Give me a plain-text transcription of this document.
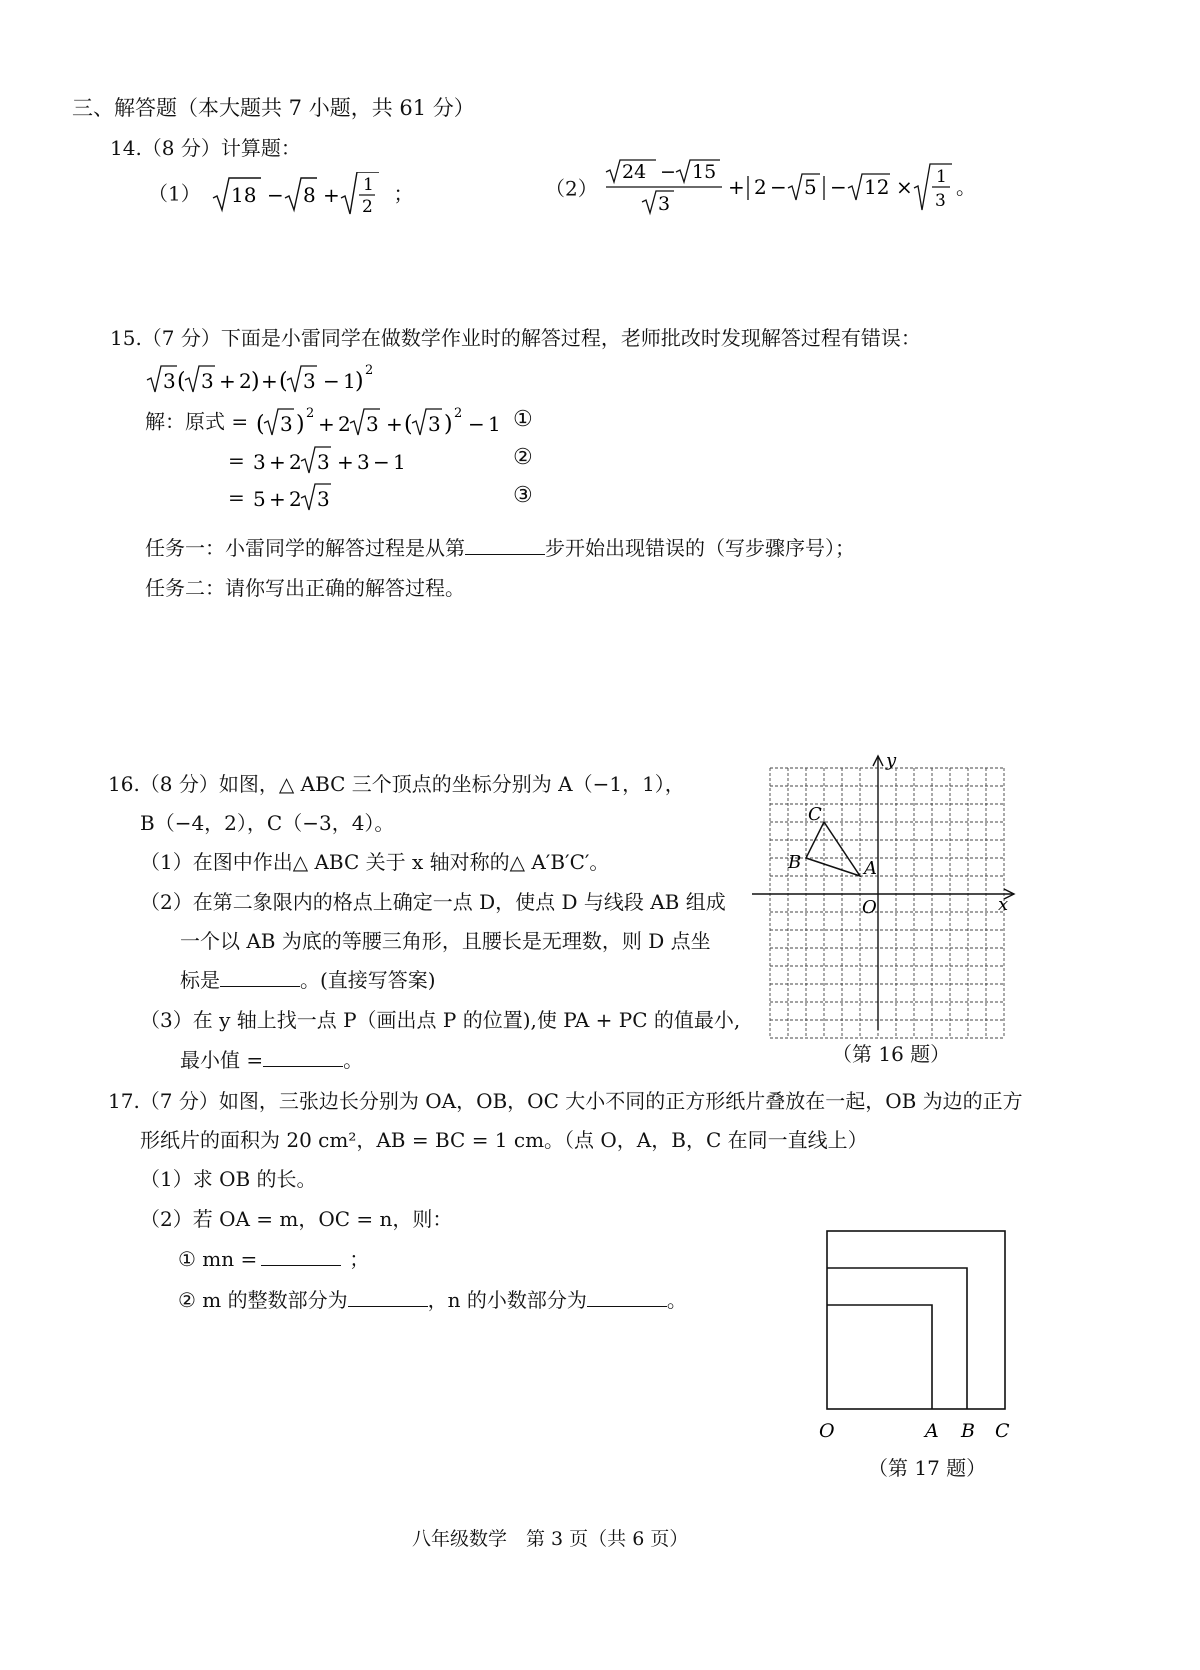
三、解答题（本大题共 7 小题，共 61 分）
14.（8 分）计算题：
（1） 18 − 8 + 1
2
；	（2）
24 − 15
3
+ 2 − 5 − 12 × 1
3
。
15.（7 分）下面是小雷同学在做数学作业时的解答过程，老师批改时发现解答过程有错误：
3 ( 3 + 2 ) + ( 3 − 1 ) 2
解：原式 = ( 3 ) 2 + 2 3 + ( 3 ) 2 − 1 ①
= 3 + 2 3 + 3 − 1	②
= 5 + 2 3	③
任务一：小雷同学的解答过程是从第	步开始出现错误的（写步骤序号）；
任务二：请你写出正确的解答过程。
16.（8 分）如图，△ ABC 三个顶点的坐标分别为 A（−1，1），
B（−4，2），C（−3，4）。
（1）在图中作出△ ABC 关于 x 轴对称的△ A′B′C′。
（2）在第二象限内的格点上确定一点 D，使点 D 与线段 AB 组成
一个以 AB 为底的等腰三角形，且腰长是无理数，则 D 点坐
标是	。(直接写答案)
（3）在 y 轴上找一点 P（画出点 P 的位置),使 PA + PC 的值最小,
最小值 =	。
A
B
C
O	x
y
（第 16 题）
17.（7 分）如图，三张边长分别为 OA，OB，OC 大小不同的正方形纸片叠放在一起，OB 为边的正方
形纸片的面积为 20 cm²，AB = BC = 1 cm。（点 O，A，B，C 在同一直线上）
（1）求 OB 的长。
（2）若 OA = m，OC = n，则：
① mn =	；
② m 的整数部分为	，n 的小数部分为	。
O	A B C
（第 17 题）
八年级数学　第 3 页（共 6 页）
